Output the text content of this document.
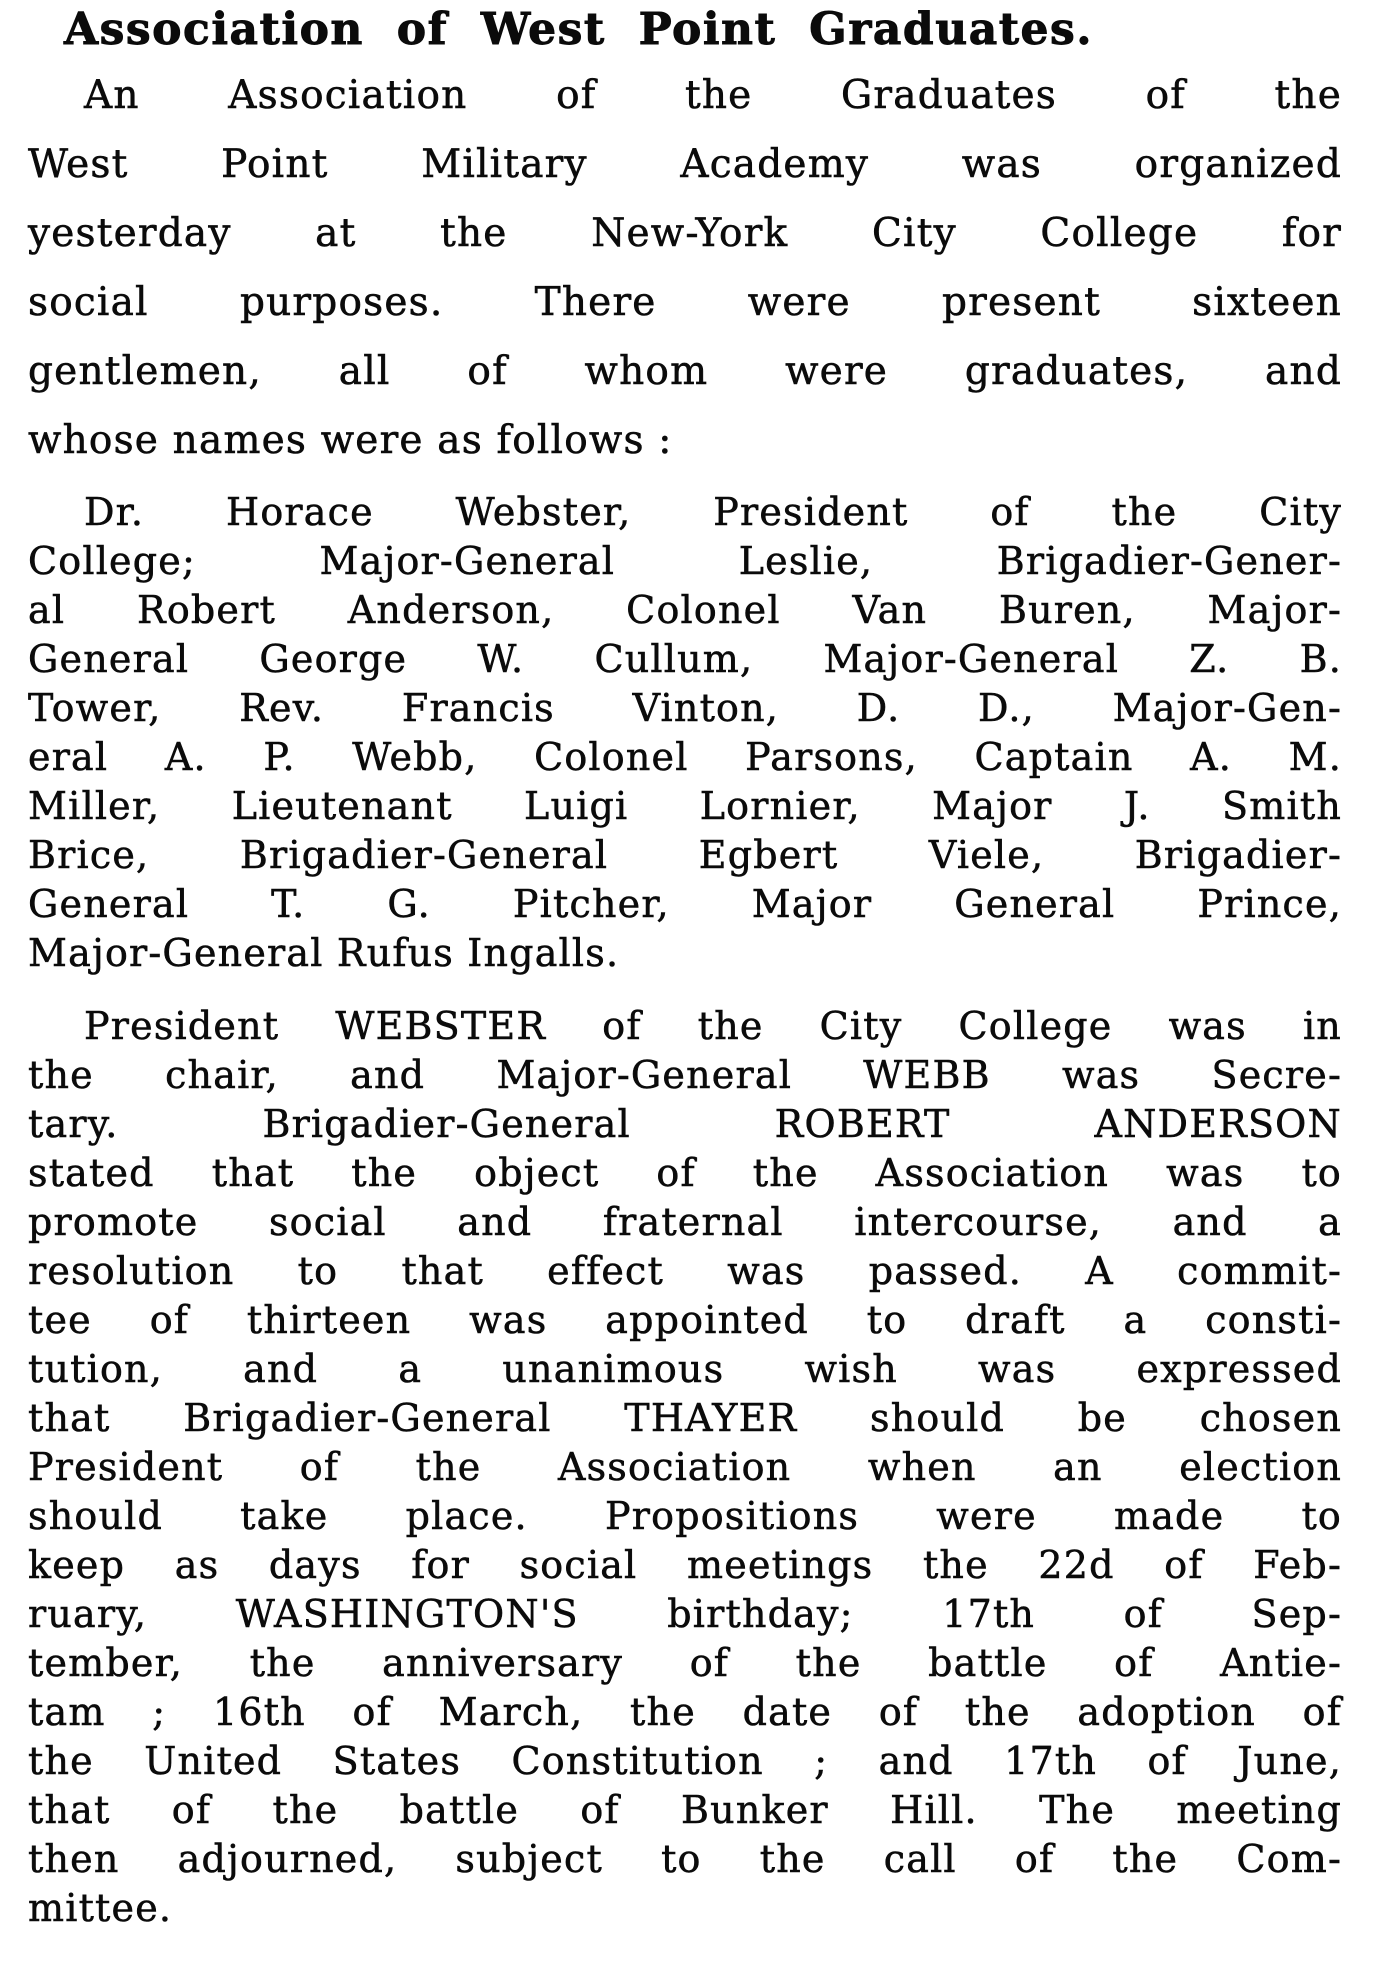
Association of West Point Graduates.
An Association of the Graduates of the
West Point Military Academy was organized
yesterday at the New-York City College for
social purposes. There were present sixteen
gentlemen, all of whom were graduates, and
whose names were as follows :
Dr. Horace Webster, President of the City
College; Major-General Leslie, Brigadier-Gener-
al Robert Anderson, Colonel Van Buren, Major-
General George W. Cullum, Major-General Z. B.
Tower, Rev. Francis Vinton, D. D., Major-Gen-
eral A. P. Webb, Colonel Parsons, Captain A. M.
Miller, Lieutenant Luigi Lornier, Major J. Smith
Brice, Brigadier-General Egbert Viele, Brigadier-
General T. G. Pitcher, Major General Prince,
Major-General Rufus Ingalls.
President WEBSTER of the City College was in
the chair, and Major-General WEBB was Secre-
tary. Brigadier-General ROBERT ANDERSON
stated that the object of the Association was to
promote social and fraternal intercourse, and a
resolution to that effect was passed. A commit-
tee of thirteen was appointed to draft a consti-
tution, and a unanimous wish was expressed
that Brigadier-General THAYER should be chosen
President of the Association when an election
should take place. Propositions were made to
keep as days for social meetings the 22d of Feb-
ruary, WASHINGTON'S birthday; 17th of Sep-
tember, the anniversary of the battle of Antie-
tam ; 16th of March, the date of the adoption of
the United States Constitution ; and 17th of June,
that of the battle of Bunker Hill. The meeting
then adjourned, subject to the call of the Com-
mittee.
